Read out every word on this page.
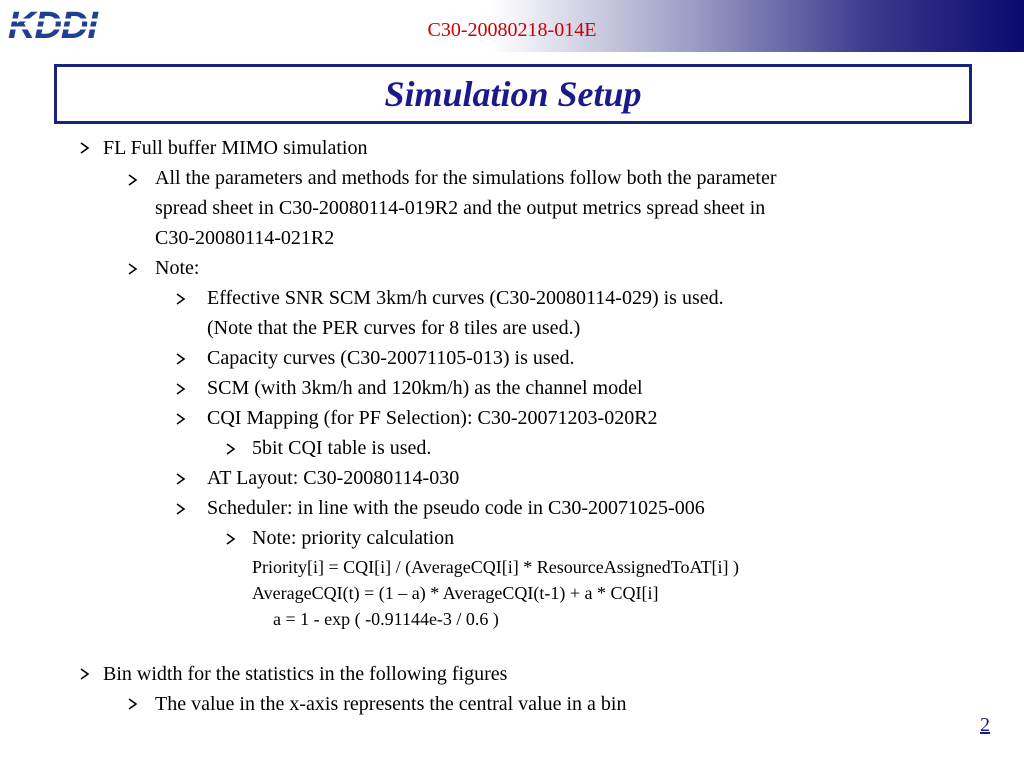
KDDI	C30-20080218-014E
Simulation Setup
FL Full buffer MIMO simulation
All the parameters and methods for the simulations follow both the parameter
spread sheet in C30-20080114-019R2 and the output metrics spread sheet in
C30-20080114-021R2
Note:
Effective SNR SCM 3km/h curves (C30-20080114-029) is used.
(Note that the PER curves for 8 tiles are used.)
Capacity curves (C30-20071105-013) is used.
SCM (with 3km/h and 120km/h) as the channel model
CQI Mapping (for PF Selection): C30-20071203-020R2
5bit CQI table is used.
AT Layout: C30-20080114-030
Scheduler: in line with the pseudo code in C30-20071025-006
Note: priority calculation
Priority[i] = CQI[i] / (AverageCQI[i] * ResourceAssignedToAT[i] )
AverageCQI(t) = (1 – a) * AverageCQI(t-1) + a * CQI[i]
a = 1 - exp ( -0.91144e-3 / 0.6 )
Bin width for the statistics in the following figures
The value in the x-axis represents the central value in a bin
2
